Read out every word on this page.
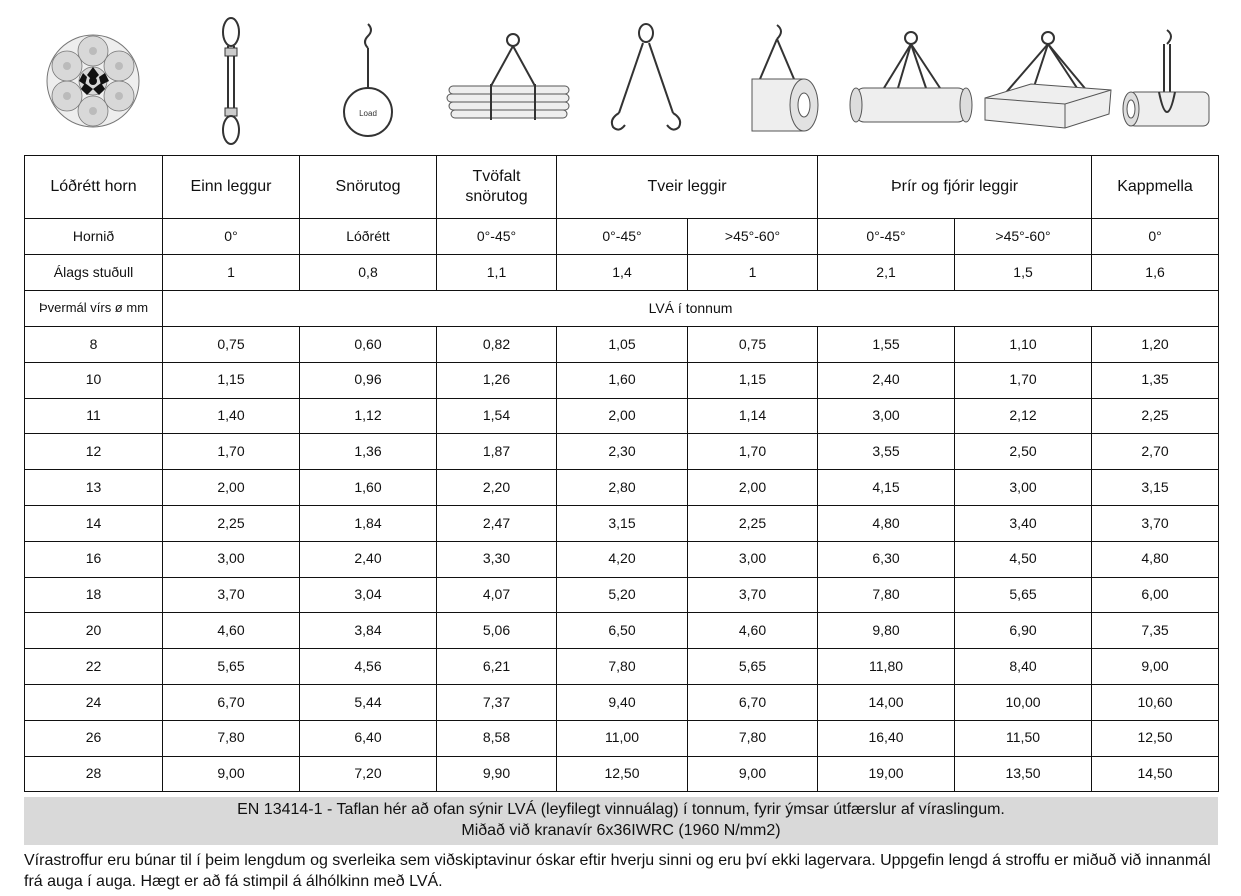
Load
Lóðrétt horn	Einn leggur	Snörutog	Tvöfalt snörutog	Tveir leggir		Þrír og fjórir leggir		Kappmella
Hornið	0°	Lóðrétt	0°-45°	0°-45°	>45°-60°	0°-45°	>45°-60°	0°
Álags stuðull	1	0,8	1,1	1,4	1	2,1	1,5	1,6
Þvermál vírs ø mm	LVÁ í tonnum							
8	0,75	0,60	0,82	1,05	0,75	1,55	1,10	1,20
10	1,15	0,96	1,26	1,60	1,15	2,40	1,70	1,35
11	1,40	1,12	1,54	2,00	1,14	3,00	2,12	2,25
12	1,70	1,36	1,87	2,30	1,70	3,55	2,50	2,70
13	2,00	1,60	2,20	2,80	2,00	4,15	3,00	3,15
14	2,25	1,84	2,47	3,15	2,25	4,80	3,40	3,70
16	3,00	2,40	3,30	4,20	3,00	6,30	4,50	4,80
18	3,70	3,04	4,07	5,20	3,70	7,80	5,65	6,00
20	4,60	3,84	5,06	6,50	4,60	9,80	6,90	7,35
22	5,65	4,56	6,21	7,80	5,65	11,80	8,40	9,00
24	6,70	5,44	7,37	9,40	6,70	14,00	10,00	10,60
26	7,80	6,40	8,58	11,00	7,80	16,40	11,50	12,50
28	9,00	7,20	9,90	12,50	9,00	19,00	13,50	14,50
EN 13414-1 - Taflan hér að ofan sýnir LVÁ (leyfilegt vinnuálag) í tonnum, fyrir ýmsar útfærslur af víraslingum.
Miðað við kranavír 6x36IWRC (1960 N/mm2)
Vírastroffur eru búnar til í þeim lengdum og sverleika sem viðskiptavinur óskar eftir hverju sinni og eru því ekki lagervara. Uppgefin lengd á stroffu er miðuð við innanmál frá auga í auga. Hægt er að fá stimpil á álhólkinn með LVÁ.
